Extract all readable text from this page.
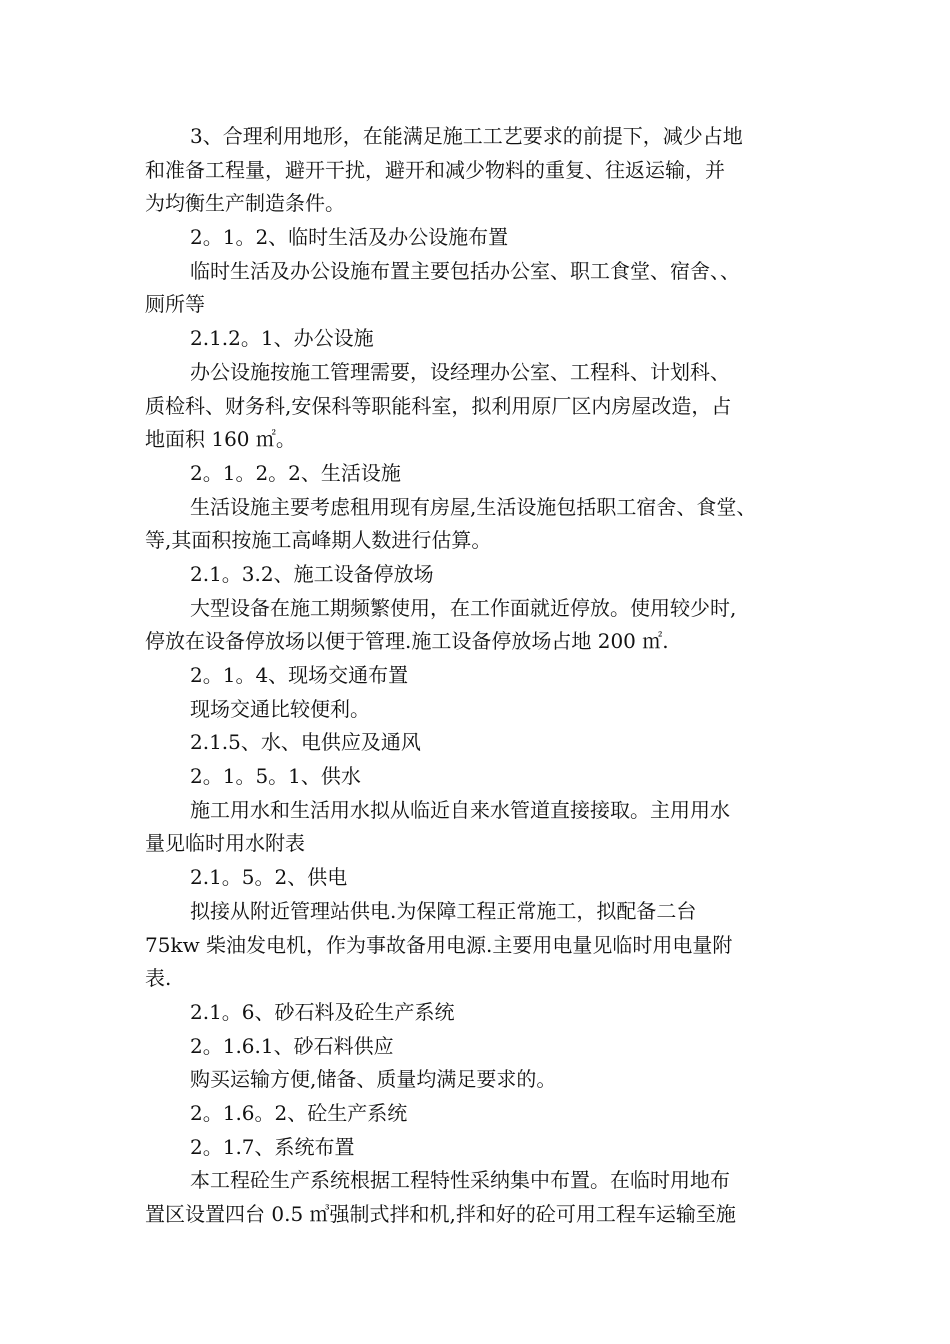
3、合理利用地形，在能满足施工工艺要求的前提下，减少占地
和准备工程量，避开干扰，避开和减少物料的重复、往返运输，并
为均衡生产制造条件。
2。1。2、临时生活及办公设施布置
临时生活及办公设施布置主要包括办公室、职工食堂、宿舍、、
厕所等
2.1.2。1、办公设施
办公设施按施工管理需要，设经理办公室、工程科、计划科、
质检科、财务科,安保科等职能科室，拟利用原厂区内房屋改造，占
地面积 160 ㎡。
2。1。2。2、生活设施
生活设施主要考虑租用现有房屋,生活设施包括职工宿舍、食堂、
等,其面积按施工高峰期人数进行估算。
2.1。3.2、施工设备停放场
大型设备在施工期频繁使用，在工作面就近停放。使用较少时,
停放在设备停放场以便于管理.施工设备停放场占地 200 ㎡.
2。1。4、现场交通布置
现场交通比较便利。
2.1.5、水、电供应及通风
2。1。5。1、供水
施工用水和生活用水拟从临近自来水管道直接接取。主用用水
量见临时用水附表
2.1。5。2、供电
拟接从附近管理站供电.为保障工程正常施工，拟配备二台
75kw 柴油发电机，作为事故备用电源.主要用电量见临时用电量附
表.
2.1。6、砂石料及砼生产系统
2。1.6.1、砂石料供应
购买运输方便,储备、质量均满足要求的。
2。1.6。2、砼生产系统
2。1.7、系统布置
本工程砼生产系统根据工程特性采纳集中布置。在临时用地布
置区设置四台 0.5 ㎥强制式拌和机,拌和好的砼可用工程车运输至施
